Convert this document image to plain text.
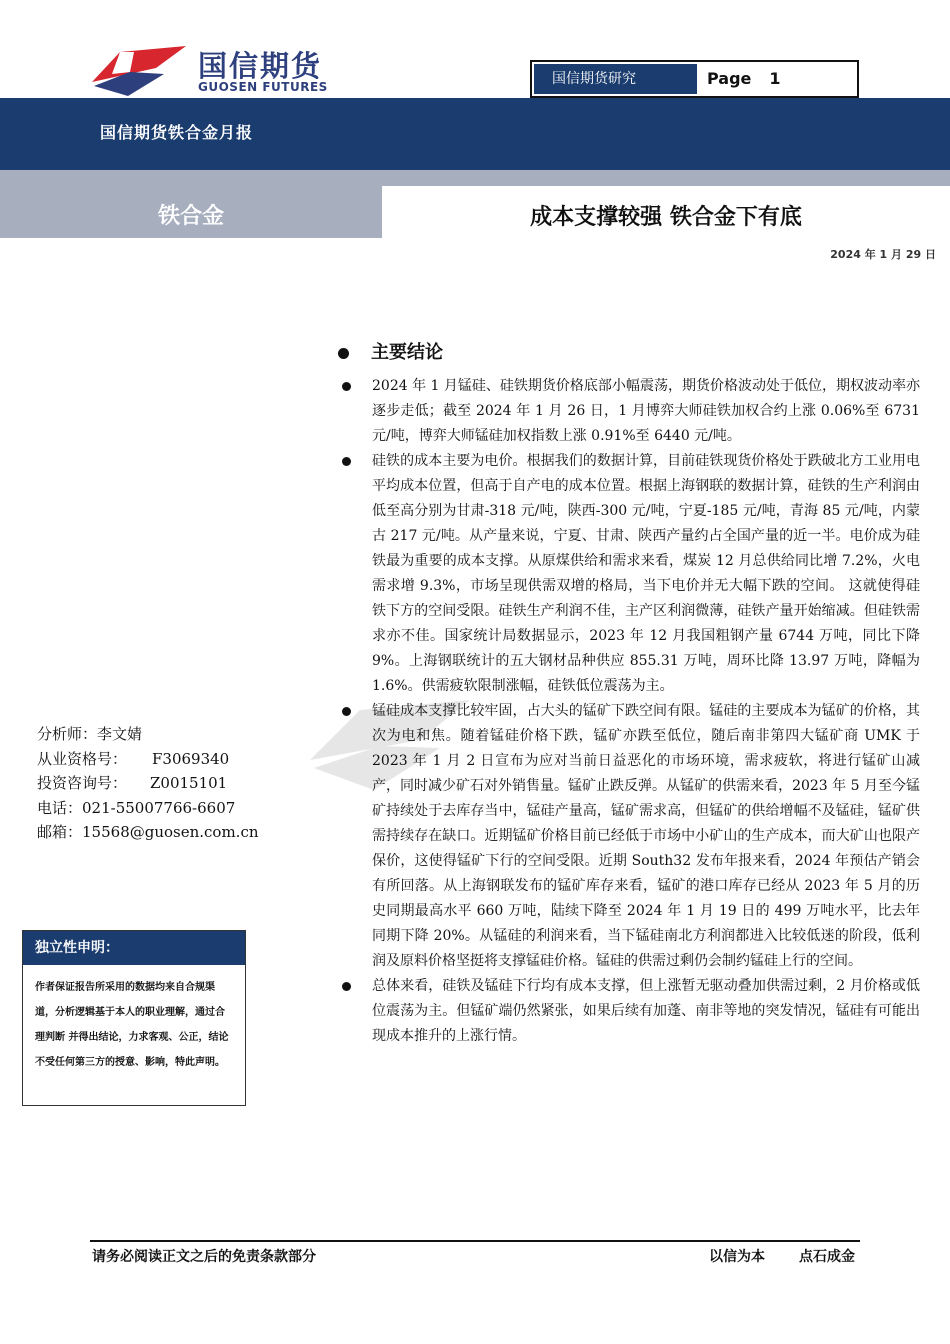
国信期货
GUOSEN FUTURES	国信期货研究	Page 1
国信期货铁合金月报
铁合金	成本支撑较强 铁合金下有底
2024 年 1 月 29 日
主要结论
2024 年 1 月锰硅、硅铁期货价格底部小幅震荡，期货价格波动处于低位，期权波动率亦逐步走低；截至 2024 年 1 月 26 日，1 月博弈大师硅铁加权合约上涨 0.06%至 6731 元/吨，博弈大师锰硅加权指数上涨 0.91%至 6440 元/吨。
硅铁的成本主要为电价。根据我们的数据计算，目前硅铁现货价格处于跌破北方工业用电平均成本位置，但高于自产电的成本位置。根据上海钢联的数据计算，硅铁的生产利润由低至高分别为甘肃-318 元/吨，陕西-300 元/吨，宁夏-185 元/吨，青海 85 元/吨，内蒙古 217 元/吨。从产量来说，宁夏、甘肃、陕西产量约占全国产量的近一半。电价成为硅铁最为重要的成本支撑。从原煤供给和需求来看，煤炭 12 月总供给同比增 7.2%，火电需求增 9.3%，市场呈现供需双增的格局，当下电价并无大幅下跌的空间。 这就使得硅铁下方的空间受限。硅铁生产利润不佳，主产区利润微薄，硅铁产量开始缩减。但硅铁需求亦不佳。国家统计局数据显示，2023 年 12 月我国粗钢产量 6744 万吨，同比下降 9%。上海钢联统计的五大钢材品种供应 855.31 万吨，周环比降 13.97 万吨，降幅为 1.6%。供需疲软限制涨幅，硅铁低位震荡为主。
锰硅成本支撑比较牢固，占大头的锰矿下跌空间有限。锰硅的主要成本为锰矿的价格，其次为电和焦。随着锰硅价格下跌，锰矿亦跌至低位，随后南非第四大锰矿商 UMK 于 2023 年 1 月 2 日宣布为应对当前日益恶化的市场环境，需求疲软，将进行锰矿山减产，同时减少矿石对外销售量。锰矿止跌反弹。从锰矿的供需来看，2023 年 5 月至今锰矿持续处于去库存当中，锰硅产量高，锰矿需求高，但锰矿的供给增幅不及锰硅，锰矿供需持续存在缺口。近期锰矿价格目前已经低于市场中小矿山的生产成本，而大矿山也限产保价，这使得锰矿下行的空间受限。近期 South32 发布年报来看，2024 年预估产销会有所回落。从上海钢联发布的锰矿库存来看，锰矿的港口库存已经从 2023 年 5 月的历史同期最高水平 660 万吨，陆续下降至 2024 年 1 月 19 日的 499 万吨水平，比去年同期下降 20%。从锰硅的利润来看，当下锰硅南北方利润都进入比较低迷的阶段，低利润及原料价格坚挺将支撑锰硅价格。锰硅的供需过剩仍会制约锰硅上行的空间。
总体来看，硅铁及锰硅下行均有成本支撑，但上涨暂无驱动叠加供需过剩，2 月价格或低位震荡为主。但锰矿端仍然紧张，如果后续有加蓬、南非等地的突发情况，锰硅有可能出现成本推升的上涨行情。
分析师：李文婧
从业资格号： F3069340
投资咨询号： Z0015101
电话：021-55007766-6607
邮箱：15568@guosen.com.cn
独立性申明：
作者保证报告所采用的数据均来自合规渠道，分析逻辑基于本人的职业理解，通过合理判断 并得出结论，力求客观、公正，结论不受任何第三方的授意、影响，特此声明。
请务必阅读正文之后的免责条款部分	以信为本 点石成金
